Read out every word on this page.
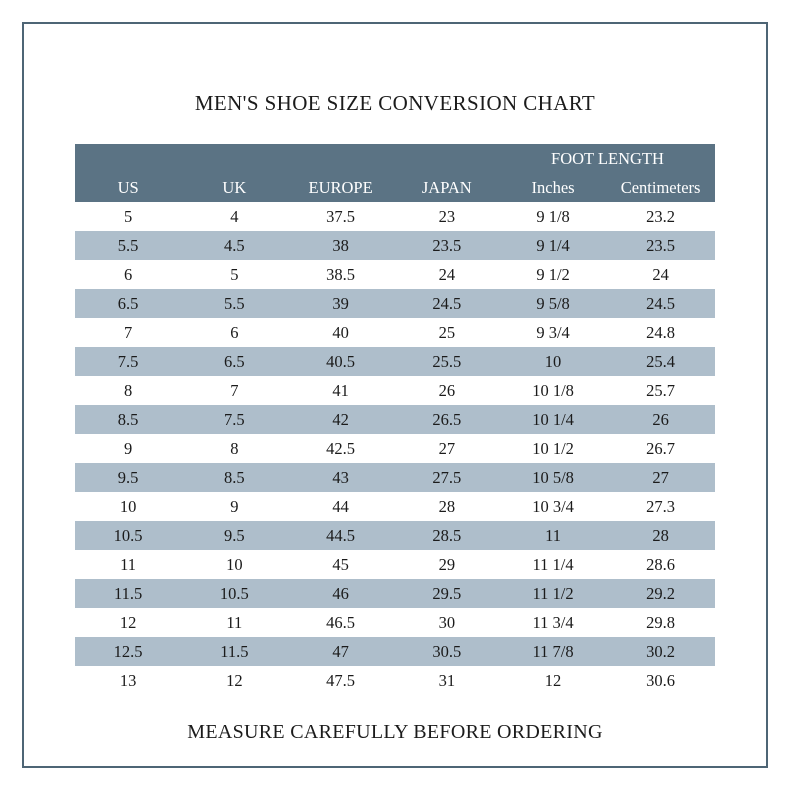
MEN'S SHOE SIZE CONVERSION CHART
				FOOT LENGTH	
US	UK	EUROPE	JAPAN	Inches	Centimeters
5	4	37.5	23	9 1/8	23.2
5.5	4.5	38	23.5	9 1/4	23.5
6	5	38.5	24	9 1/2	24
6.5	5.5	39	24.5	9 5/8	24.5
7	6	40	25	9 3/4	24.8
7.5	6.5	40.5	25.5	10	25.4
8	7	41	26	10 1/8	25.7
8.5	7.5	42	26.5	10 1/4	26
9	8	42.5	27	10 1/2	26.7
9.5	8.5	43	27.5	10 5/8	27
10	9	44	28	10 3/4	27.3
10.5	9.5	44.5	28.5	11	28
11	10	45	29	11 1/4	28.6
11.5	10.5	46	29.5	11 1/2	29.2
12	11	46.5	30	11 3/4	29.8
12.5	11.5	47	30.5	11 7/8	30.2
13	12	47.5	31	12	30.6
MEASURE CAREFULLY BEFORE ORDERING
